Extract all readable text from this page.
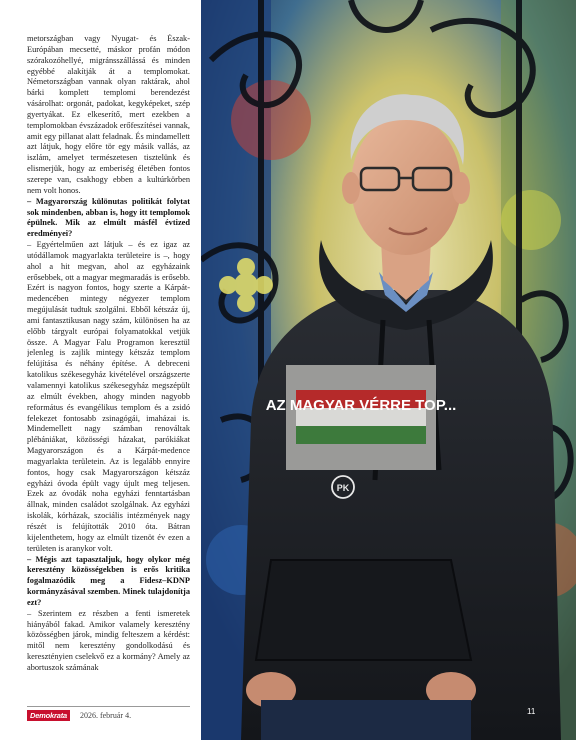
metországban vagy Nyugat- és Észak-Európában mecsetté, máskor profán módon szórakozóhellyé, migránsszállássá és minden egyébbé alakítják át a templomokat. Németországban vannak olyan raktárak, ahol bárki komplett templomi berendezést vásárolhat: orgonát, padokat, kegyképeket, szép gyertyákat. Ez elkeserítő, mert ezekben a templomokban évszázadok erőfeszítései vannak, amit egy pillanat alatt feladnak. És mindamellett azt látjuk, hogy előre tör egy másik vallás, az iszlám, amelyet természetesen tisztelünk és elismerjük, hogy az emberiség életében fontos szerepe van, csakhogy ebben a kultúrkörben nem volt honos.

– Magyarország különutas politikát folytat sok mindenben, abban is, hogy itt templomok épülnek. Mik az elmúlt másfél évtized eredményei?

– Egyértelműen azt látjuk – és ez igaz az utódállamok magyarlakta területeire is –, hogy ahol a hit megvan, ahol az egyházaink erősebbek, ott a magyar megmaradás is erősebb. Ezért is nagyon fontos, hogy szerte a Kárpát-medencében mintegy négyezer templom megújulását tudtuk szolgálni. Ebből kétszáz új, ami fantasztikusan nagy szám, különösen ha az előbb tárgyalt európai folyamatokkal vetjük össze. A Magyar Falu Programon keresztül jelenleg is zajlik mintegy kétszáz templom felújítása és néhány építése. A debreceni katolikus székesegyház kivételével országszerte valamennyi katolikus székesegyház megszépült az elmúlt években, ahogy minden nagyobb református és evangélikus templom és a zsidó felekezet fontosabb zsinagógái, imaházai is. Mindemellett nagy számban renováltak plébániákat, közösségi házakat, parókiákat Magyarországon és a Kárpát-medence magyarlakta területein. Az is legalább ennyire fontos, hogy csak Magyarországon kétszáz egyházi óvoda épült vagy újult meg teljesen. Ezek az óvodák noha egyházi fenntartásban állnak, minden családot szolgálnak. Az egyházi iskolák, kórházak, szociális intézmények nagy részét is felújították 2010 óta. Bátran kijelenthetem, hogy az elmúlt tizenöt év ezen a területen is aranykor volt.

– Mégis azt tapasztaljuk, hogy olykor még keresztény közösségekben is erős kritika fogalmazódik meg a Fidesz–KDNP kormányzásával szemben. Minek tulajdonítja ezt?

– Szerintem ez részben a fenti ismeretek hiányából fakad. Amikor valamely keresztény közösségben járok, mindig felteszem a kérdést: mitől nem keresztény gondolkodású és keresztényien cselekvő ez a kormány? Amely az abortuszok számának

Demokrata	2026. február 4.
AZ MAGYAR VÉRRE TOP...
PK
11
